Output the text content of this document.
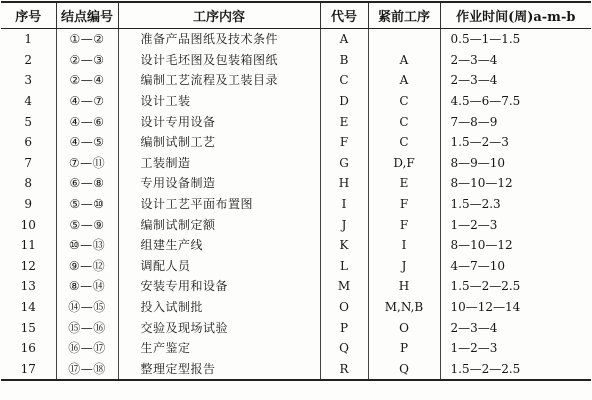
序号	结点编号	工序内容	代号	紧前工序	作业时间(周)a-m-b
1	①—②	准备产品图纸及技术条件	A		0.5—1—1.5
2	②—③	设计毛坯图及包装箱图纸	B	A	2—3—4
3	②—④	编制工艺流程及工装目录	C	A	2—3—4
4	④—⑦	设计工装	D	C	4.5—6—7.5
5	④—⑥	设计专用设备	E	C	7—8—9
6	④—⑤	编制试制工艺	F	C	1.5—2—3
7	⑦—⑪	工装制造	G	D,F	8—9—10
8	⑥—⑧	专用设备制造	H	E	8—10—12
9	⑤—⑩	设计工艺平面布置图	I	F	1.5—2.3
10	⑤—⑨	编制试制定额	J	F	1—2—3
11	⑩—⑬	组建生产线	K	I	8—10—12
12	⑨—⑫	调配人员	L	J	4—7—10
13	⑧—⑭	安装专用和设备	M	H	1.5—2—2.5
14	⑭—⑮	投入试制批	O	M,N,B	10—12—14
15	⑮—⑯	交验及现场试验	P	O	2—3—4
16	⑯—⑰	生产鉴定	Q	P	1—2—3
17	⑰—⑱	整理定型报告	R	Q	1.5—2—2.5
